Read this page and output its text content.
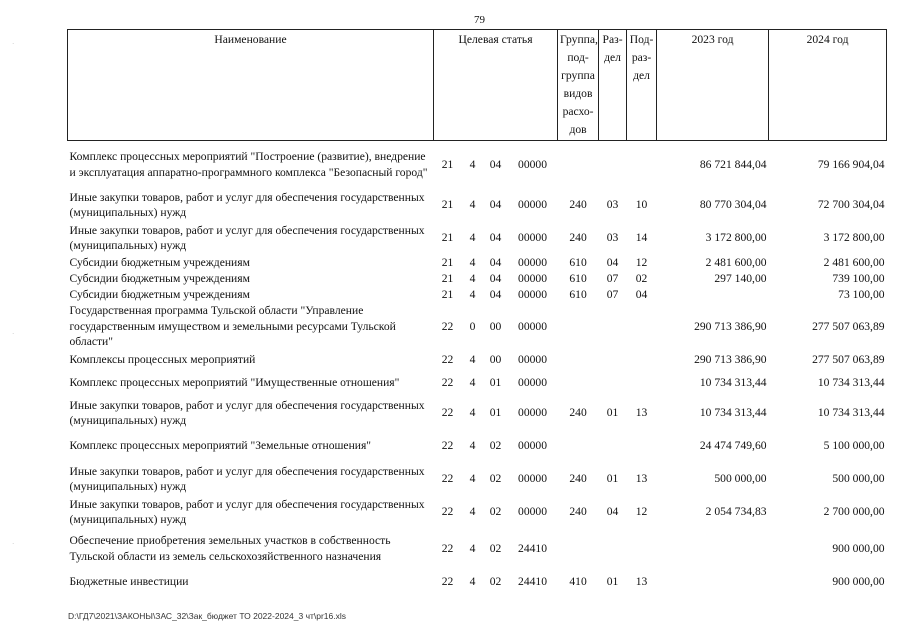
79
Наименование	Целевая статья				Группа, под-группа видов расхо-дов	Раз-дел	Под-раз-дел	2023 год	2024 год
Комплекс процессных мероприятий "Построение (развитие), внедрение и эксплуатация аппаратно-программного комплекса "Безопасный город"	21	4	04	00000				86 721 844,04	79 166 904,04
Иные закупки товаров, работ и услуг для обеспечения государственных (муниципальных) нужд	21	4	04	00000	240	03	10	80 770 304,04	72 700 304,04
Иные закупки товаров, работ и услуг для обеспечения государственных (муниципальных) нужд	21	4	04	00000	240	03	14	3 172 800,00	3 172 800,00
Субсидии бюджетным учреждениям	21	4	04	00000	610	04	12	2 481 600,00	2 481 600,00
Субсидии бюджетным учреждениям	21	4	04	00000	610	07	02	297 140,00	739 100,00
Субсидии бюджетным учреждениям	21	4	04	00000	610	07	04		73 100,00
Государственная программа Тульской области "Управление государственным имуществом и земельными ресурсами Тульской области"	22	0	00	00000				290 713 386,90	277 507 063,89
Комплексы процессных мероприятий	22	4	00	00000				290 713 386,90	277 507 063,89
Комплекс процессных мероприятий "Имущественные отношения"	22	4	01	00000				10 734 313,44	10 734 313,44
Иные закупки товаров, работ и услуг для обеспечения государственных (муниципальных) нужд	22	4	01	00000	240	01	13	10 734 313,44	10 734 313,44
Комплекс процессных мероприятий "Земельные отношения"	22	4	02	00000				24 474 749,60	5 100 000,00
Иные закупки товаров, работ и услуг для обеспечения государственных (муниципальных) нужд	22	4	02	00000	240	01	13	500 000,00	500 000,00
Иные закупки товаров, работ и услуг для обеспечения государственных (муниципальных) нужд	22	4	02	00000	240	04	12	2 054 734,83	2 700 000,00
Обеспечение приобретения земельных участков в собственность Тульской области из земель сельскохозяйственного назначения	22	4	02	24410					900 000,00
Бюджетные инвестиции	22	4	02	24410	410	01	13		900 000,00
D:\ГД7\2021\ЗАКОНЫ\ЗАС_32\Зак_бюджет ТО 2022-2024_3 чт\pr16.xls
·
·
·
